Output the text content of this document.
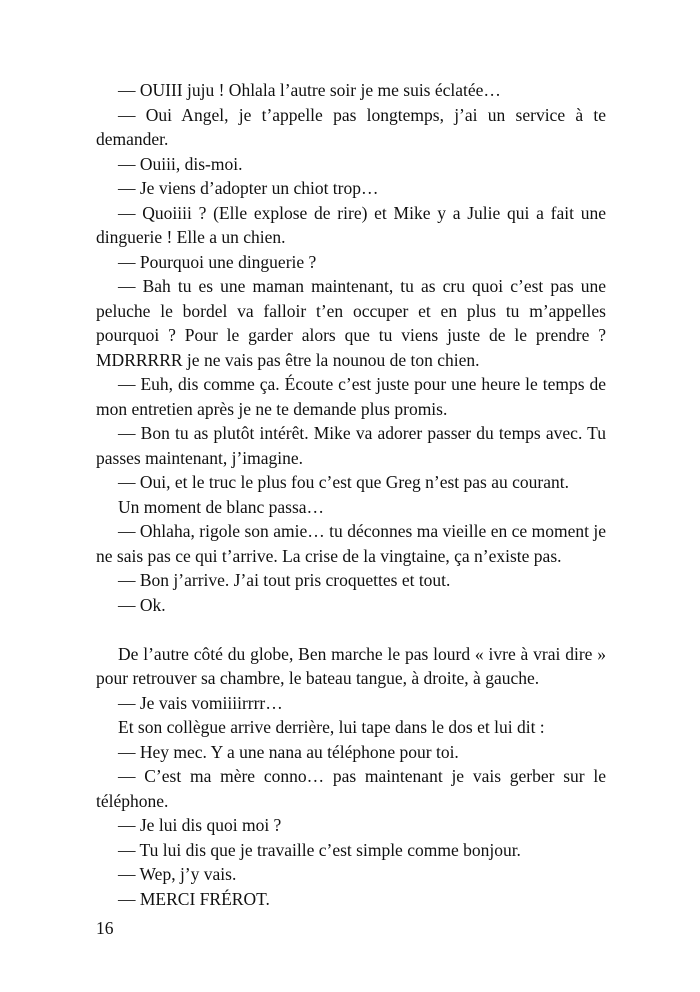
— OUIII juju ! Ohlala l’autre soir je me suis éclatée…

— Oui Angel, je t’appelle pas longtemps, j’ai un service à te demander.

— Ouiii, dis-moi.

— Je viens d’adopter un chiot trop…

— Quoiiii ? (Elle explose de rire) et Mike y a Julie qui a fait une dinguerie ! Elle a un chien.

— Pourquoi une dinguerie ?

— Bah tu es une maman maintenant, tu as cru quoi c’est pas une peluche le bordel va falloir t’en occuper et en plus tu m’appelles pourquoi ? Pour le garder alors que tu viens juste de le prendre ? MDRRRRR je ne vais pas être la nounou de ton chien.

— Euh, dis comme ça. Écoute c’est juste pour une heure le temps de mon entretien après je ne te demande plus promis.

— Bon tu as plutôt intérêt. Mike va adorer passer du temps avec. Tu passes maintenant, j’imagine.

— Oui, et le truc le plus fou c’est que Greg n’est pas au courant.

Un moment de blanc passa…

— Ohlaha, rigole son amie… tu déconnes ma vieille en ce moment je ne sais pas ce qui t’arrive. La crise de la vingtaine, ça n’existe pas.

— Bon j’arrive. J’ai tout pris croquettes et tout.

— Ok.

De l’autre côté du globe, Ben marche le pas lourd « ivre à vrai dire » pour retrouver sa chambre, le bateau tangue, à droite, à gauche.

— Je vais vomiiiirrrr…

Et son collègue arrive derrière, lui tape dans le dos et lui dit :

— Hey mec. Y a une nana au téléphone pour toi.

— C’est ma mère conno… pas maintenant je vais gerber sur le téléphone.

— Je lui dis quoi moi ?

— Tu lui dis que je travaille c’est simple comme bonjour.

— Wep, j’y vais.

— MERCI FRÉROT.

16
